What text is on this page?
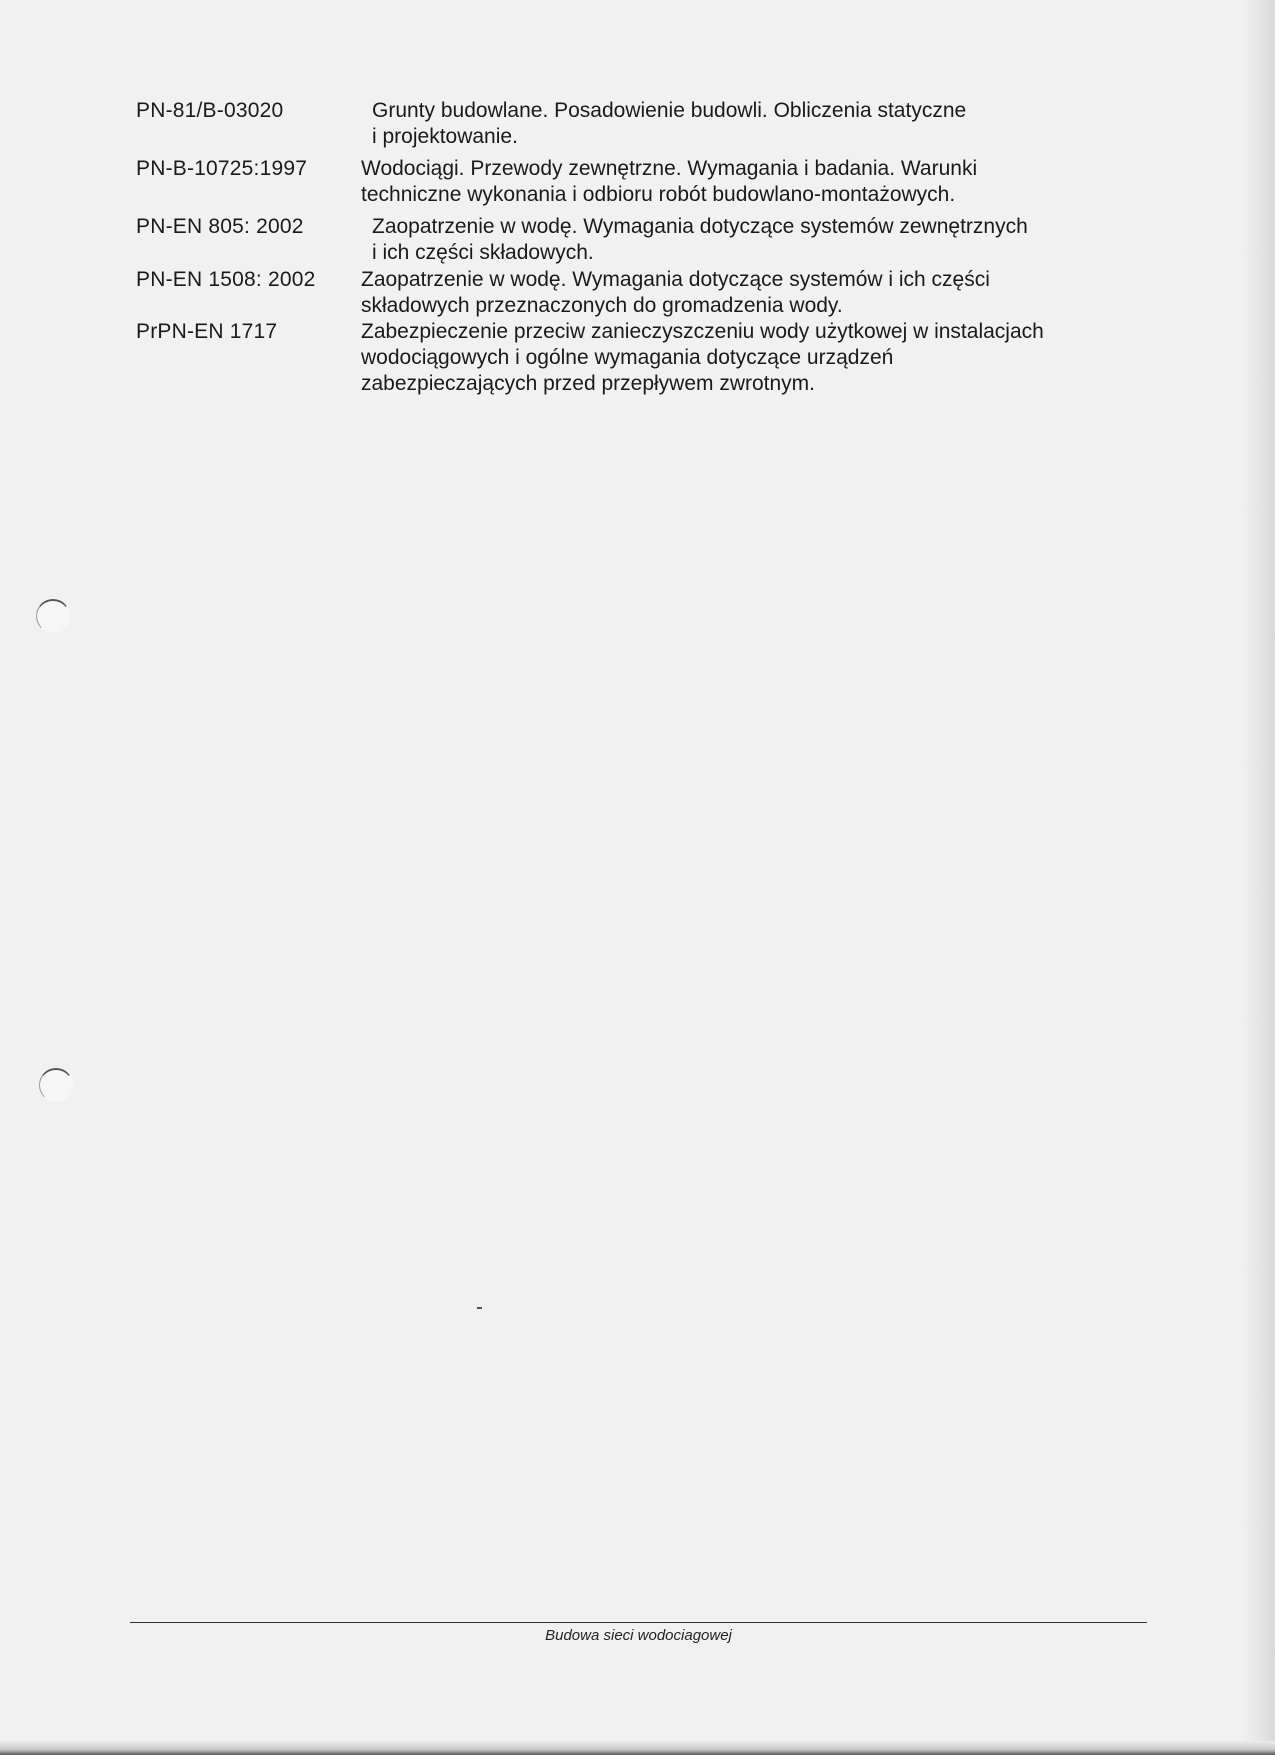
PN-81/B-03020	Grunty budowlane. Posadowienie budowli. Obliczenia statyczne
i projektowanie.
PN-B-10725:1997	Wodociągi. Przewody zewnętrzne. Wymagania i badania. Warunki
techniczne wykonania i odbioru robót budowlano-montażowych.
PN-EN 805: 2002	Zaopatrzenie w wodę. Wymagania dotyczące systemów zewnętrznych
i ich części składowych.
PN-EN 1508: 2002 Zaopatrzenie w wodę. Wymagania dotyczące systemów i ich części
składowych przeznaczonych do gromadzenia wody.
PrPN-EN 1717	Zabezpieczenie przeciw zanieczyszczeniu wody użytkowej w instalacjach
wodociągowych i ogólne wymagania dotyczące urządzeń
zabezpieczających przed przepływem zwrotnym.
Budowa sieci wodociagowej
